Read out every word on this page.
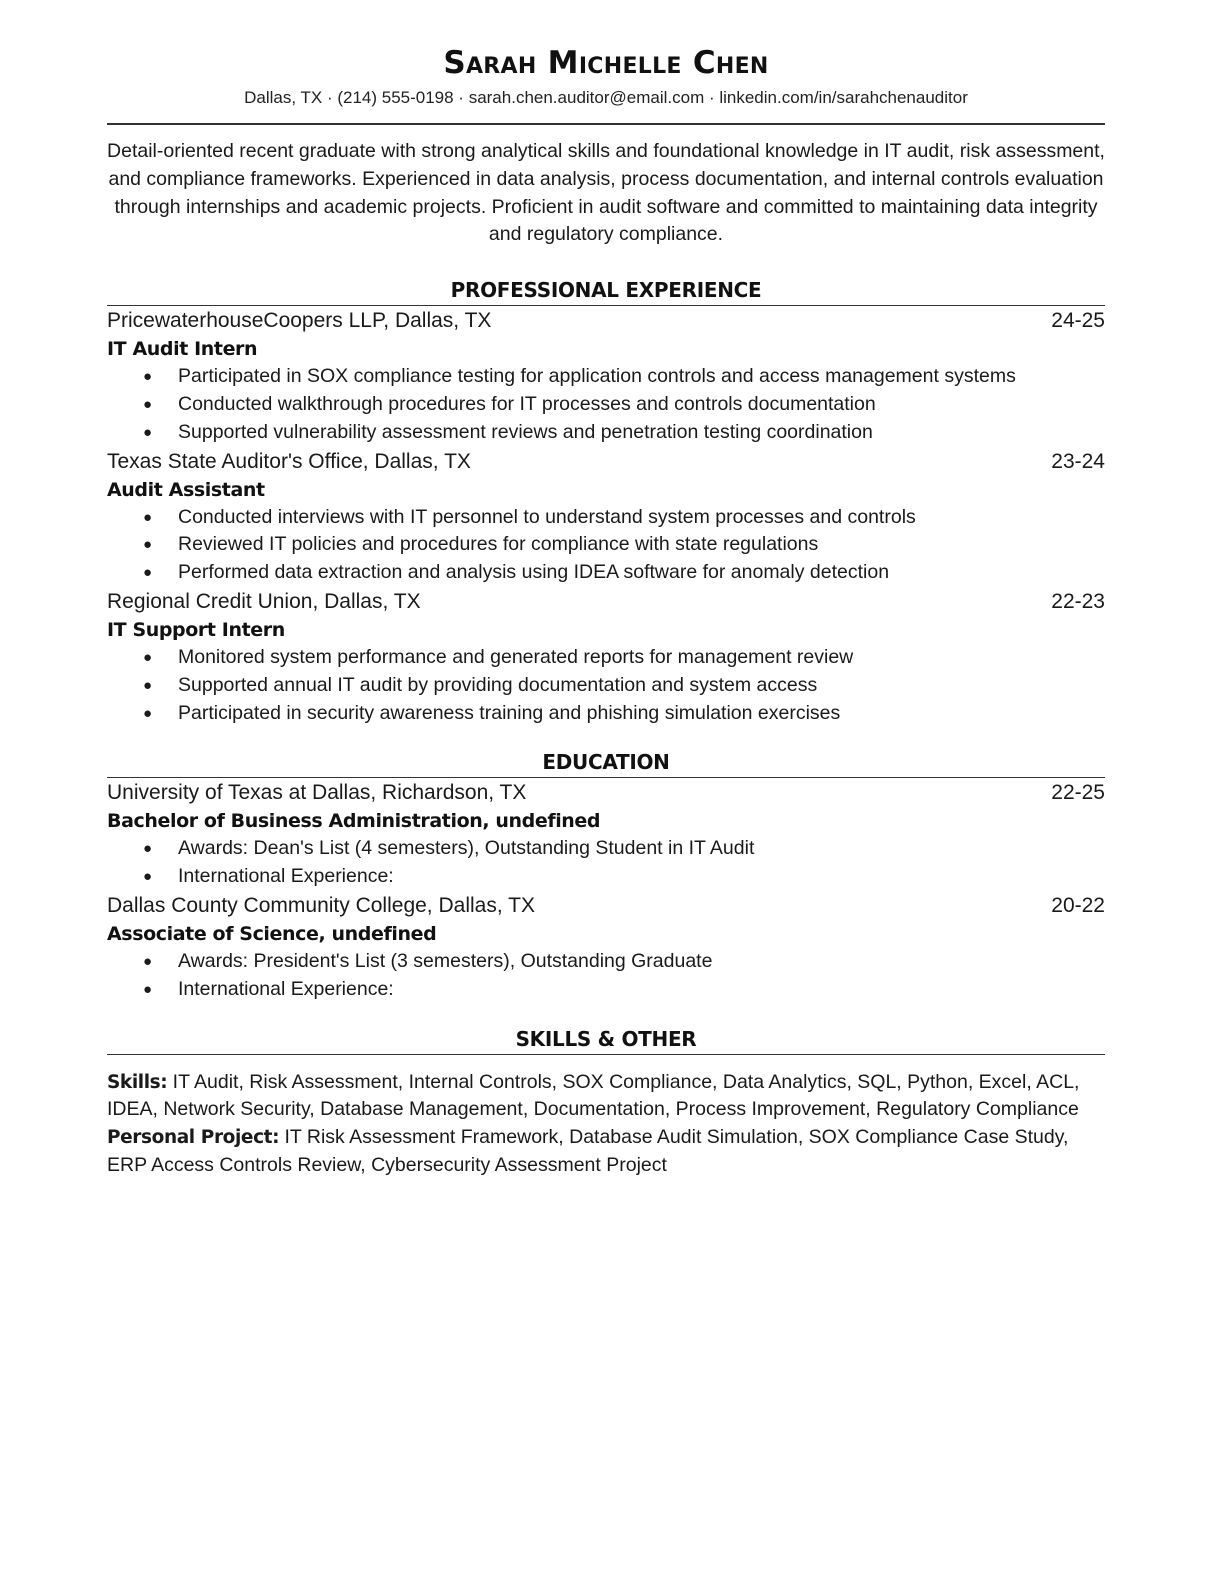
Sarah Michelle Chen
Dallas, TX · (214) 555-0198 · sarah.chen.auditor@email.com · linkedin.com/in/sarahchenauditor
Detail-oriented recent graduate with strong analytical skills and foundational knowledge in IT audit, risk assessment, and compliance frameworks. Experienced in data analysis, process documentation, and internal controls evaluation through internships and academic projects. Proficient in audit software and committed to maintaining data integrity and regulatory compliance.
PROFESSIONAL EXPERIENCE
PricewaterhouseCoopers LLP, Dallas, TX	24-25
IT Audit Intern
● Participated in SOX compliance testing for application controls and access management systems
● Conducted walkthrough procedures for IT processes and controls documentation
● Supported vulnerability assessment reviews and penetration testing coordination
Texas State Auditor's Office, Dallas, TX	23-24
Audit Assistant
● Conducted interviews with IT personnel to understand system processes and controls
● Reviewed IT policies and procedures for compliance with state regulations
● Performed data extraction and analysis using IDEA software for anomaly detection
Regional Credit Union, Dallas, TX	22-23
IT Support Intern
● Monitored system performance and generated reports for management review
● Supported annual IT audit by providing documentation and system access
● Participated in security awareness training and phishing simulation exercises
EDUCATION
University of Texas at Dallas, Richardson, TX	22-25
Bachelor of Business Administration, undefined
● Awards: Dean's List (4 semesters), Outstanding Student in IT Audit
● International Experience:
Dallas County Community College, Dallas, TX	20-22
Associate of Science, undefined
● Awards: President's List (3 semesters), Outstanding Graduate
● International Experience:
SKILLS & OTHER
Skills: IT Audit, Risk Assessment, Internal Controls, SOX Compliance, Data Analytics, SQL, Python, Excel, ACL, IDEA, Network Security, Database Management, Documentation, Process Improvement, Regulatory Compliance
Personal Project: IT Risk Assessment Framework, Database Audit Simulation, SOX Compliance Case Study, ERP Access Controls Review, Cybersecurity Assessment Project
